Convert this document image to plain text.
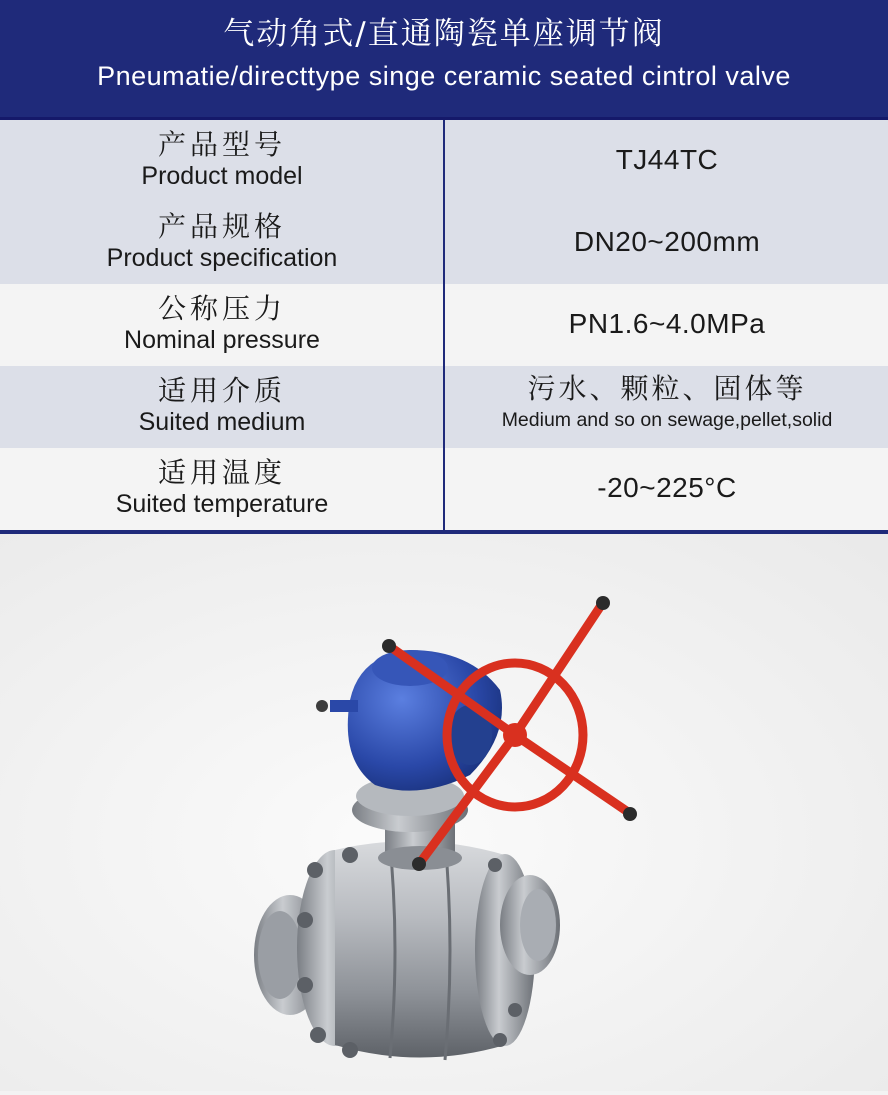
气动角式/直通陶瓷单座调节阀
Pneumatie/directtype singe ceramic seated cintrol valve
产品型号
Product model
TJ44TC
产品规格
Product specification
DN20~200mm
公称压力
Nominal pressure
PN1.6~4.0MPa
适用介质
Suited medium
污水、颗粒、固体等
Medium and so on sewage,pellet,solid
适用温度
Suited temperature
-20~225°C
